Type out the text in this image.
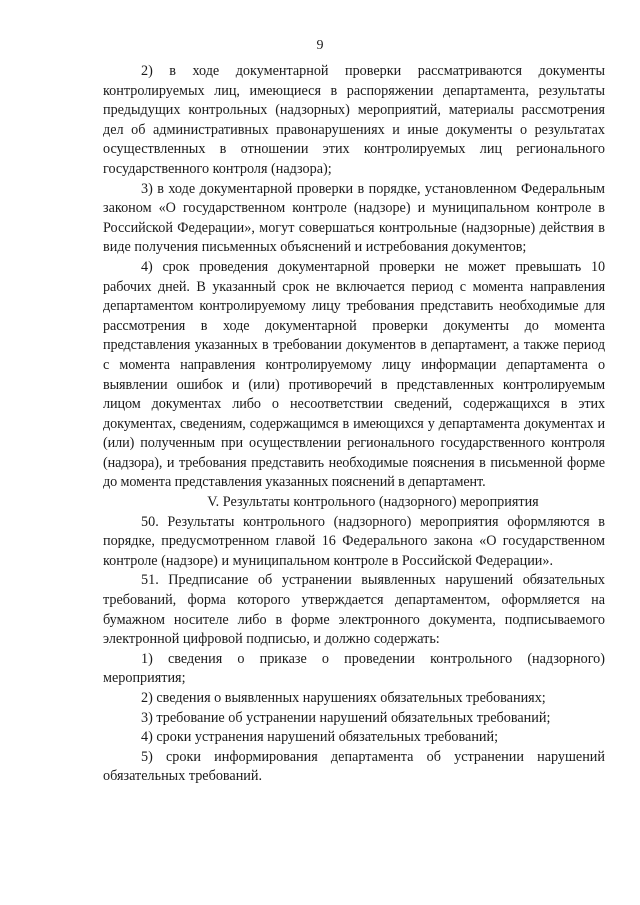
9

2) в ходе документарной проверки рассматриваются документы контролируемых лиц, имеющиеся в распоряжении департамента, результаты предыдущих контрольных (надзорных) мероприятий, материалы рассмотрения дел об административных правонарушениях и иные документы о результатах осуществленных в отношении этих контролируемых лиц регионального государственного контроля (надзора);

3) в ходе документарной проверки в порядке, установленном Федеральным законом «О государственном контроле (надзоре) и муниципальном контроле в Российской Федерации», могут совершаться контрольные (надзорные) действия в виде получения письменных объяснений и истребования документов;

4) срок проведения документарной проверки не может превышать 10 рабочих дней. В указанный срок не включается период с момента направления департаментом контролируемому лицу требования представить необходимые для рассмотрения в ходе документарной проверки документы до момента представления указанных в требовании документов в департамент, а также период с момента направления контролируемому лицу информации департамента о выявлении ошибок и (или) противоречий в представленных контролируемым лицом документах либо о несоответствии сведений, содержащихся в этих документах, сведениям, содержащимся в имеющихся у департамента документах и (или) полученным при осуществлении регионального государственного контроля (надзора), и требования представить необходимые пояснения в письменной форме до момента представления указанных пояснений в департамент.

V. Результаты контрольного (надзорного) мероприятия

50. Результаты контрольного (надзорного) мероприятия оформляются в порядке, предусмотренном главой 16 Федерального закона «О государственном контроле (надзоре) и муниципальном контроле в Российской Федерации».

51. Предписание об устранении выявленных нарушений обязательных требований, форма которого утверждается департаментом, оформляется на бумажном носителе либо в форме электронного документа, подписываемого электронной цифровой подписью, и должно содержать:

1) сведения о приказе о проведении контрольного (надзорного) мероприятия;

2) сведения о выявленных нарушениях обязательных требованиях;

3) требование об устранении нарушений обязательных требований;

4) сроки устранения нарушений обязательных требований;

5) сроки информирования департамента об устранении нарушений обязательных требований.
